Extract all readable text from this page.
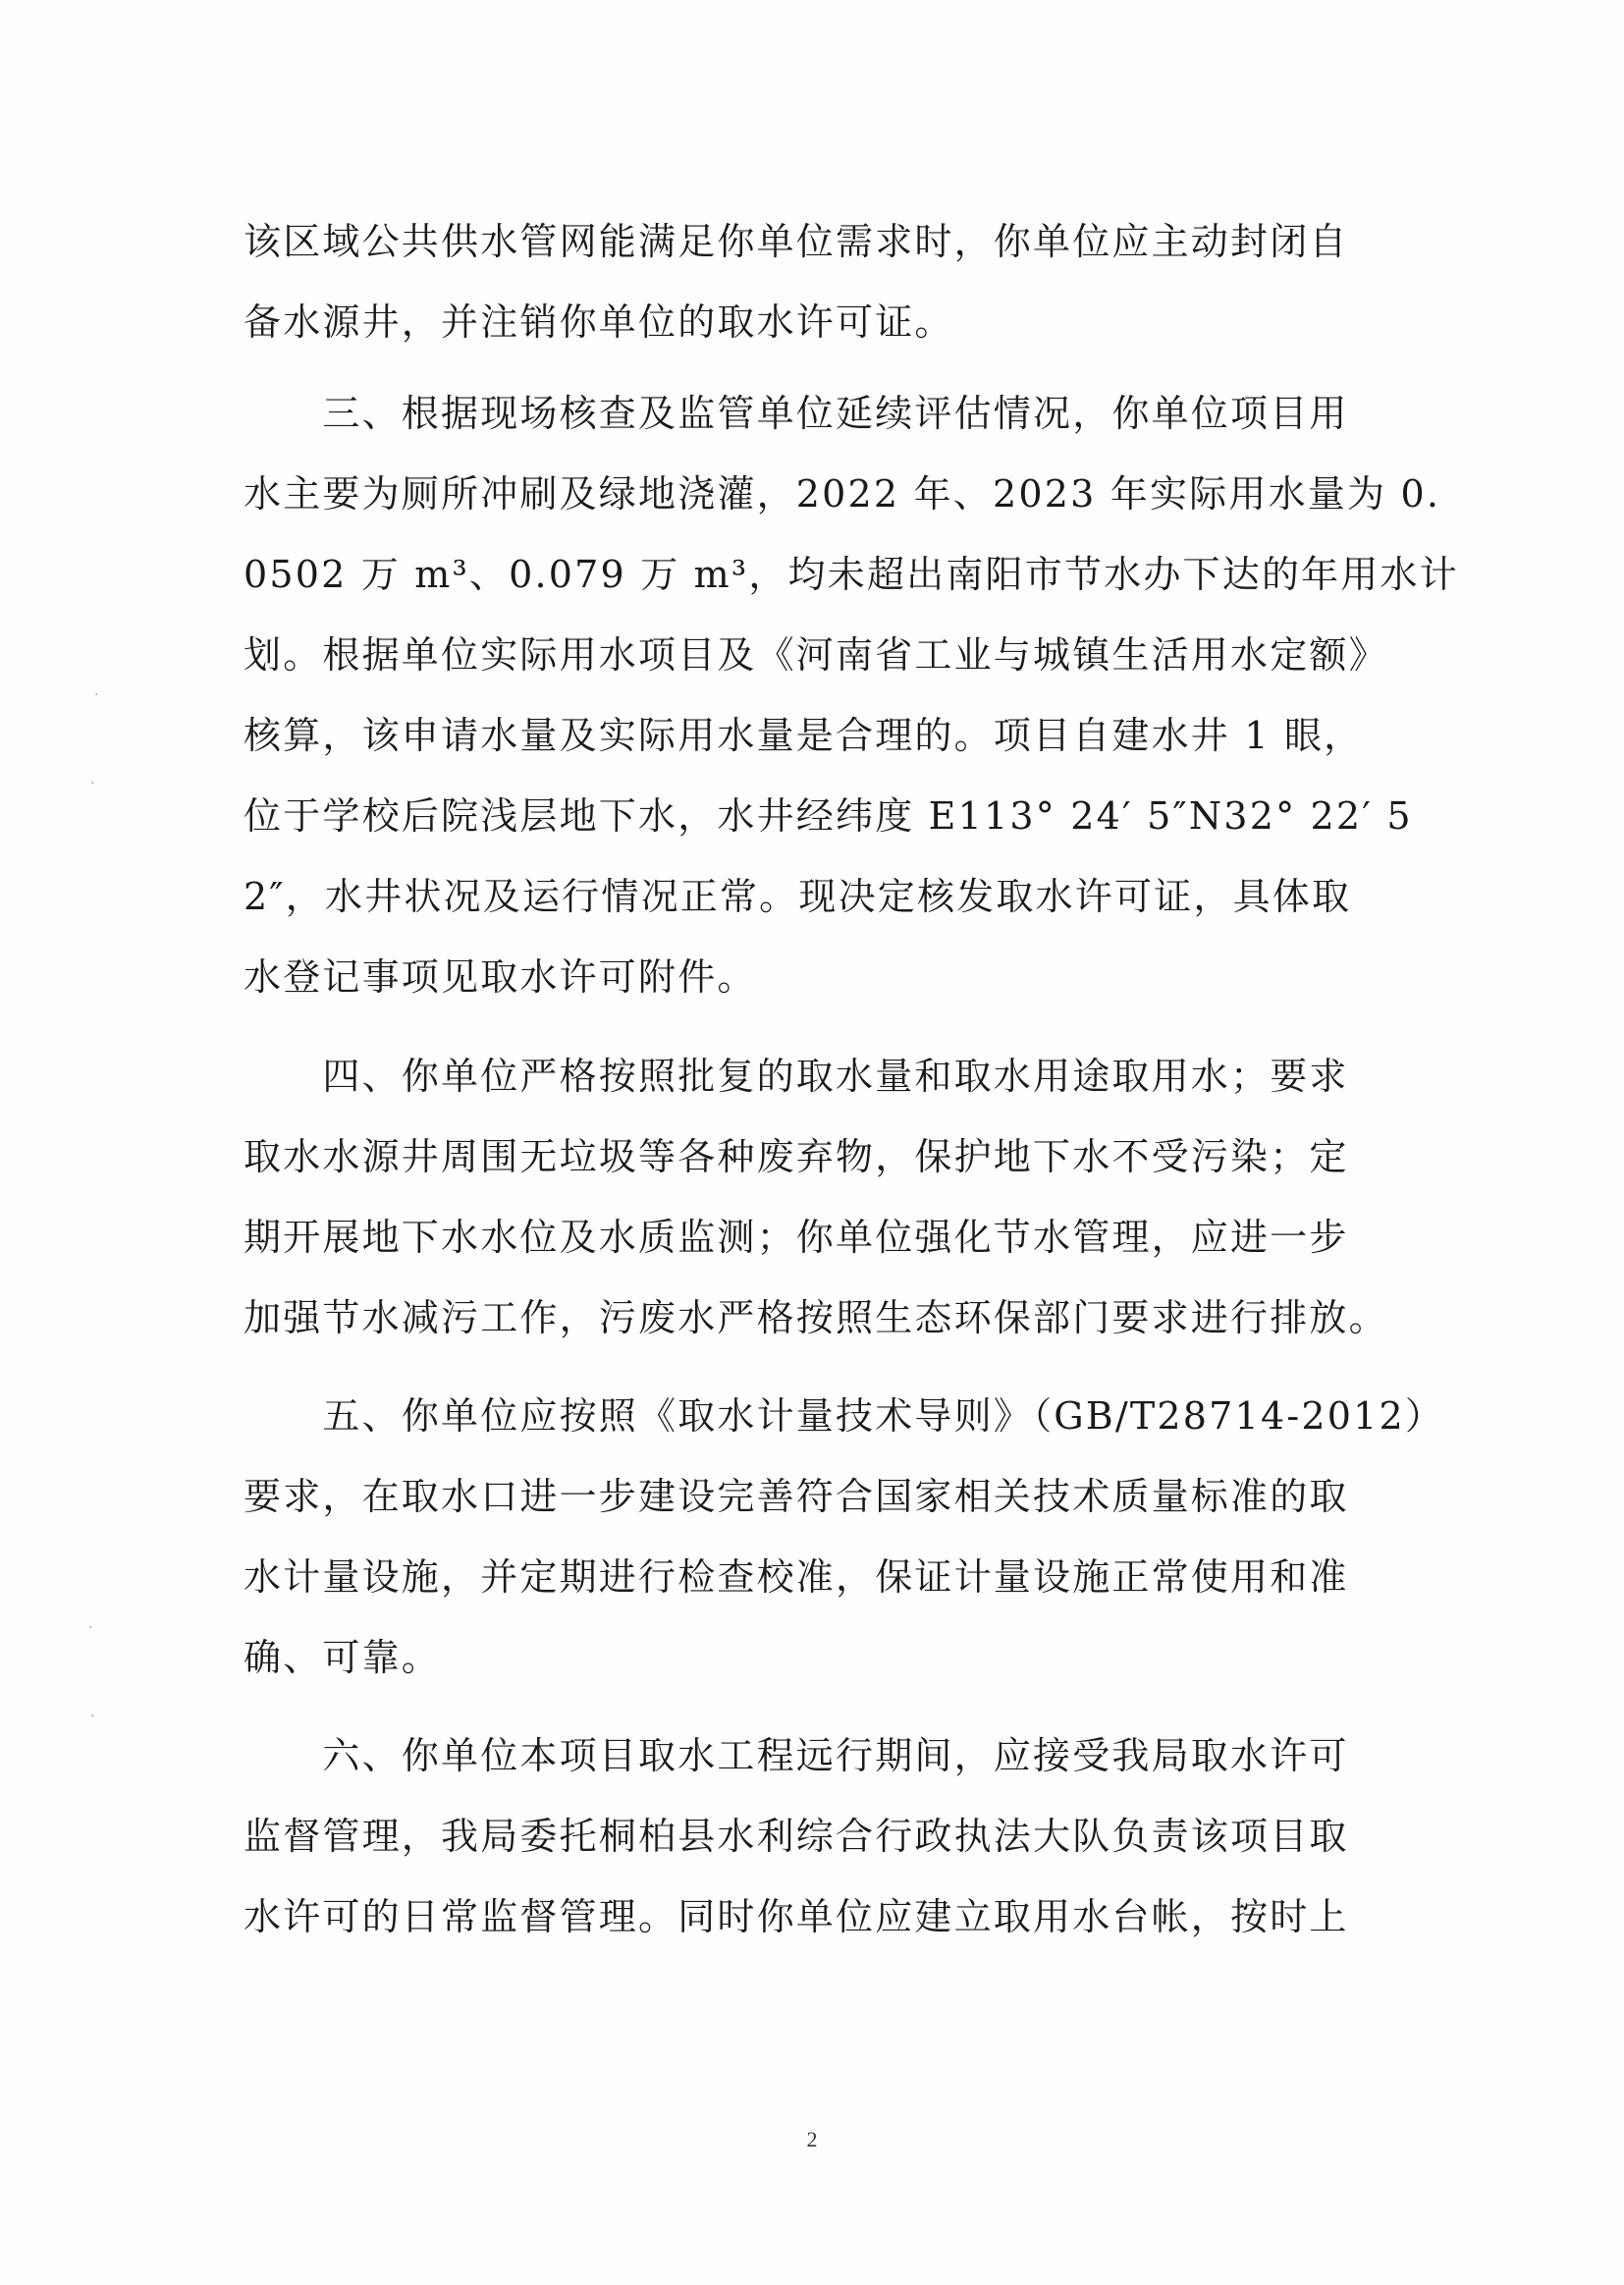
该区域公共供水管网能满足你单位需求时，你单位应主动封闭自
备水源井，并注销你单位的取水许可证。
　　三、根据现场核查及监管单位延续评估情况，你单位项目用
水主要为厕所冲刷及绿地浇灌，2022 年、2023 年实际用水量为 0.
0502 万 m³、0.079 万 m³，均未超出南阳市节水办下达的年用水计
划。根据单位实际用水项目及《河南省工业与城镇生活用水定额》
核算，该申请水量及实际用水量是合理的。项目自建水井 1 眼，
位于学校后院浅层地下水，水井经纬度 E113° 24′ 5″N32° 22′ 5
2″，水井状况及运行情况正常。现决定核发取水许可证，具体取
水登记事项见取水许可附件。
　　四、你单位严格按照批复的取水量和取水用途取用水；要求
取水水源井周围无垃圾等各种废弃物，保护地下水不受污染；定
期开展地下水水位及水质监测；你单位强化节水管理，应进一步
加强节水减污工作，污废水严格按照生态环保部门要求进行排放。
　　五、你单位应按照《取水计量技术导则》（GB/T28714-2012）
要求，在取水口进一步建设完善符合国家相关技术质量标准的取
水计量设施，并定期进行检查校准，保证计量设施正常使用和准
确、可靠。
　　六、你单位本项目取水工程远行期间，应接受我局取水许可
监督管理，我局委托桐柏县水利综合行政执法大队负责该项目取
水许可的日常监督管理。同时你单位应建立取用水台帐，按时上
2
·
·
·
·
